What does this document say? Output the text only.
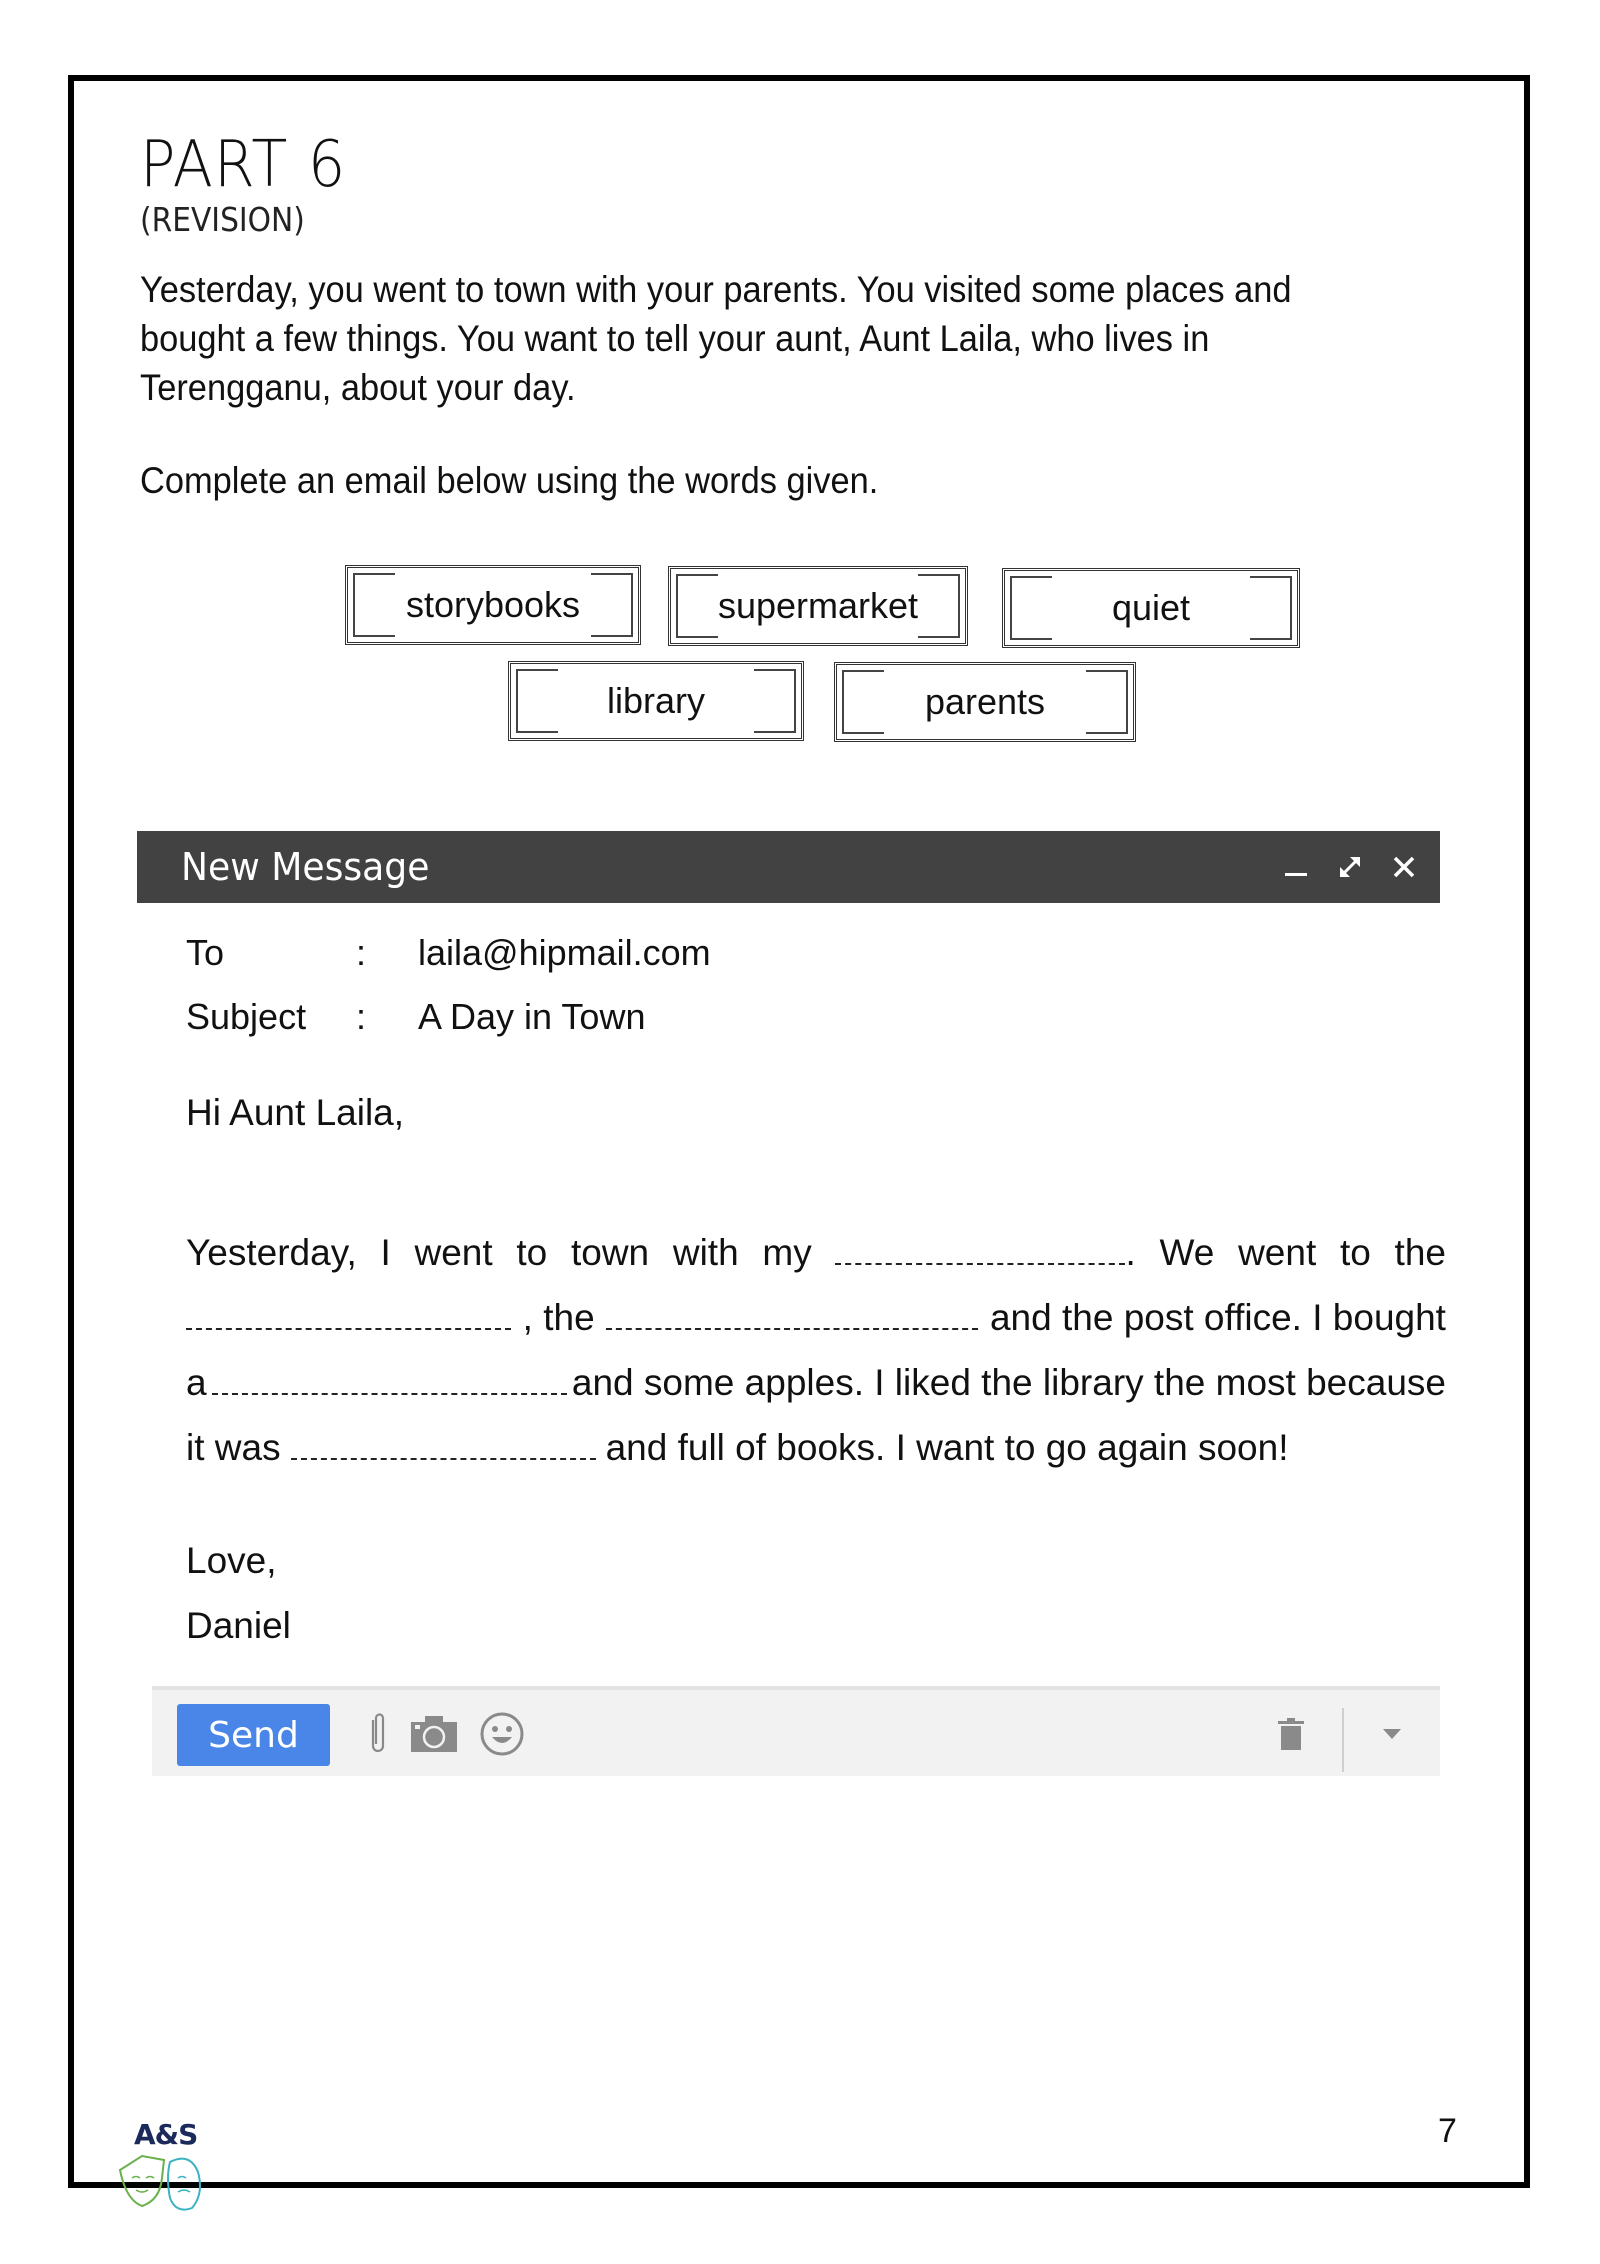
PART 6
(REVISION)
Yesterday, you went to town with your parents. You visited some places and
bought a few things. You want to tell your aunt, Aunt Laila, who lives in
Terengganu, about your day.
Complete an email below using the words given.
storybooks	supermarket	quiet
library	parents
New Message
To	: laila@hipmail.com
Subject : A Day in Town
Hi Aunt Laila,
Yesterday, I went to town with my	. We went to the
, the	and the post office. I bought
a	and some apples. I liked the library the most because
it was	and full of books. I want to go again soon!
Love,
Daniel
Send
A&S	7
